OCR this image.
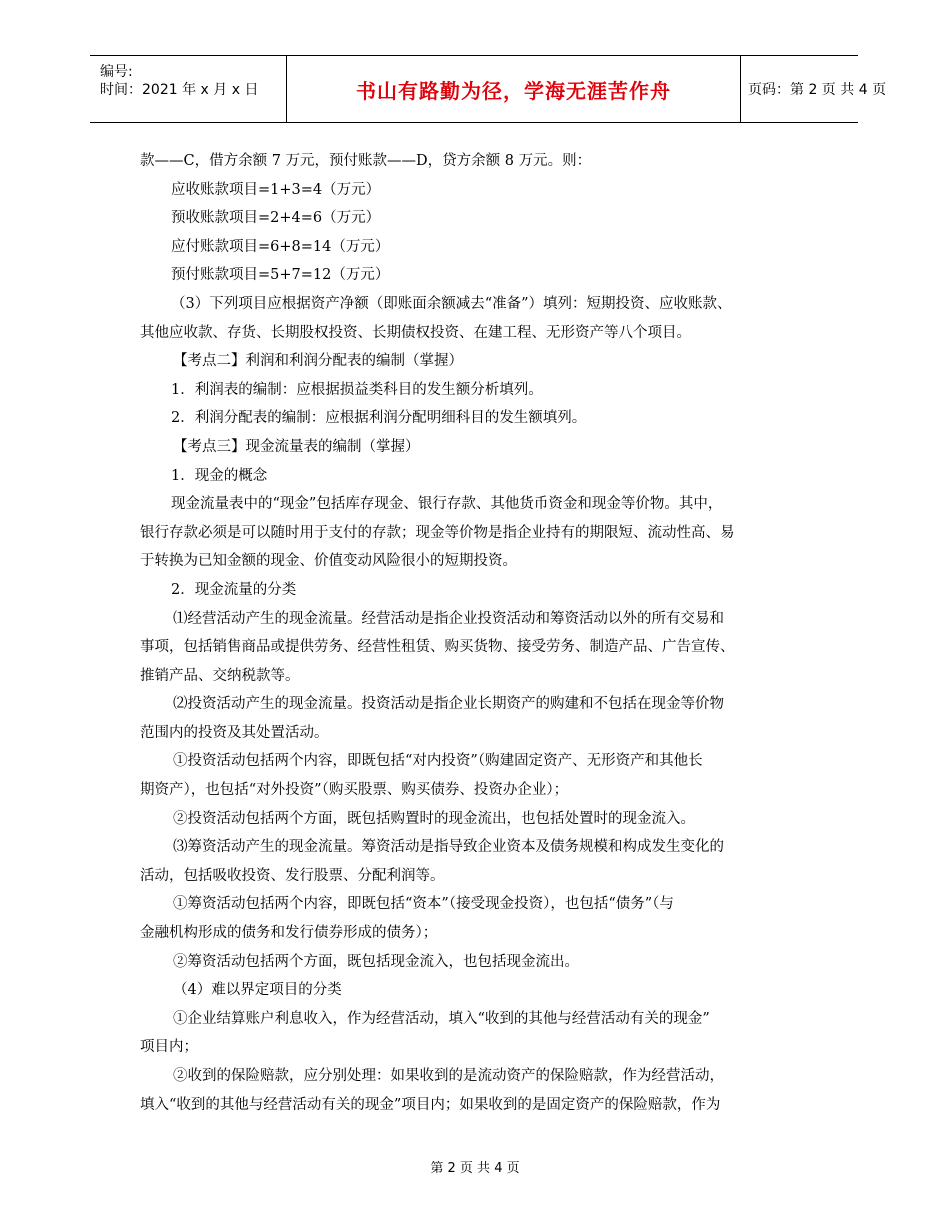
编号:
时间：2021 年 x 月 x 日	书山有路勤为径，学海无涯苦作舟	页码：第 2 页 共 4 页

款——C，借方余额 7 万元，预付账款——D，贷方余额 8 万元。则：

应收账款项目=1+3=4（万元）

预收账款项目=2+4=6（万元）

应付账款项目=6+8=14（万元）

预付账款项目=5+7=12（万元）

（3）下列项目应根据资产净额（即账面余额减去“准备”）填列：短期投资、应收账款、

其他应收款、存货、长期股权投资、长期债权投资、在建工程、无形资产等八个项目。

【考点二】利润和利润分配表的编制（掌握）

1．利润表的编制：应根据损益类科目的发生额分析填列。

2．利润分配表的编制：应根据利润分配明细科目的发生额填列。

【考点三】现金流量表的编制（掌握）

1．现金的概念

现金流量表中的“现金”包括库存现金、银行存款、其他货币资金和现金等价物。其中，

银行存款必须是可以随时用于支付的存款；现金等价物是指企业持有的期限短、流动性高、易

于转换为已知金额的现金、价值变动风险很小的短期投资。

2．现金流量的分类

⑴经营活动产生的现金流量。经营活动是指企业投资活动和筹资活动以外的所有交易和

事项，包括销售商品或提供劳务、经营性租赁、购买货物、接受劳务、制造产品、广告宣传、

推销产品、交纳税款等。

⑵投资活动产生的现金流量。投资活动是指企业长期资产的购建和不包括在现金等价物

范围内的投资及其处置活动。

①投资活动包括两个内容，即既包括“对内投资”（购建固定资产、无形资产和其他长

期资产），也包括“对外投资”（购买股票、购买债券、投资办企业）；

②投资活动包括两个方面，既包括购置时的现金流出，也包括处置时的现金流入。

⑶筹资活动产生的现金流量。筹资活动是指导致企业资本及债务规模和构成发生变化的

活动，包括吸收投资、发行股票、分配利润等。

①筹资活动包括两个内容，即既包括“资本”（接受现金投资），也包括“债务”（与

金融机构形成的债务和发行债券形成的债务）；

②筹资活动包括两个方面，既包括现金流入，也包括现金流出。

（4）难以界定项目的分类

①企业结算账户利息收入，作为经营活动，填入“收到的其他与经营活动有关的现金”

项目内；

②收到的保险赔款，应分别处理：如果收到的是流动资产的保险赔款，作为经营活动，

填入“收到的其他与经营活动有关的现金”项目内；如果收到的是固定资产的保险赔款，作为

第 2 页 共 4 页
